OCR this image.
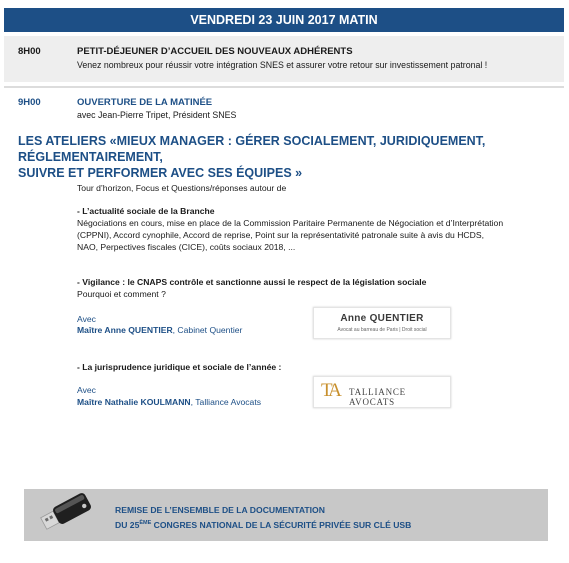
VENDREDI 23 JUIN 2017 MATIN
8H00	PETIT-DÉJEUNER D’ACCUEIL DES NOUVEAUX ADHÉRENTS
Venez nombreux pour réussir votre intégration SNES et assurer votre retour sur investissement patronal !
9H00	OUVERTURE DE LA MATINÉE
avec Jean-Pierre Tripet, Président SNES
LES ATELIERS «MIEUX MANAGER : GÉRER SOCIALEMENT, JURIDIQUEMENT, RÉGLEMENTAIREMENT,
SUIVRE ET PERFORMER AVEC SES ÉQUIPES »
Tour d’horizon, Focus et Questions/réponses autour de
- L’actualité sociale de la Branche
Négociations en cours, mise en place de la Commission Paritaire Permanente de Négociation et d’Interprétation
(CPPNI), Accord cynophile, Accord de reprise, Point sur la représentativité patronale suite à avis du HCDS,
NAO, Perpectives fiscales (CICE), coûts sociaux 2018, ...
- Vigilance : le CNAPS contrôle et sanctionne aussi le respect de la législation sociale
Pourquoi et comment ?
Avec
Maître Anne QUENTIER, Cabinet Quentier
Anne QUENTIER
Avocat au barreau de Paris | Droit social
- La jurisprudence juridique et sociale de l’année :
Avec
Maître Nathalie KOULMANN, Talliance Avocats
TA TALLIANCE AVOCATS
REMISE DE L’ENSEMBLE DE LA DOCUMENTATION
DU 25ÈME CONGRES NATIONAL DE LA SÉCURITÉ PRIVÉE SUR CLÉ USB
